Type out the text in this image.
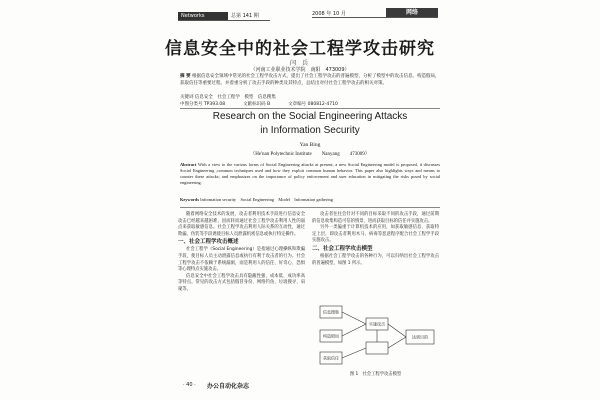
Networks	总第 141 期	2008 年 10 月	网络
信息安全中的社会工程学攻击研究
闫 兵
（河南工业职业技术学院　南阳　473009）
摘 要 根据信息安全领域中常见的社会工程学攻击方式，提出了社会工程学攻击的普遍模型，分析了模型中的攻击信息、构造假局，获取信任等重要过程。并着重分析了攻击手段的种类及其特点，总结出对付社会工程学攻击的相关对策。
关键词 信息安全　社会工程学　模型　信息搜集
中图分类号 TP393.08	文献标识码 B	文章编号 080812-4710
Research on the Social Engineering Attacks
in Information Security
Yan Bing
（He'nan Polytechnic Institute　　Nanyang　　473009）
Abstract With a view to the various forms of Social Engineering attacks at present, a new Social Engineering model is proposed, it discusses Social Engineering ,common techniques used and how they exploit common human behavior. This paper also highlights ways and means to counter these attacks; and emphasizes on the importance of policy enforcement and user education in mitigating the risks posed by social engineering.
Keywords Information security　Social Engineering　Model　Information gathering

随着网络安全技术的发展，攻击者利用技术手段进行信息安全攻击已经越来越困难，因而转而通过社会工程学攻击利用人性的弱点来获取敏感信息。社会工程学攻击利用人际关系的互动性，通过欺骗、伪装等手段诱使目标人员泄露机密信息或执行特定操作。

一、社会工程学攻击概述

社会工程学（Social Engineering）是指通过心理操纵和欺骗手段，使目标人员主动泄露信息或执行有利于攻击者的行为。社会工程学攻击不依赖于系统漏洞，而是利用人的信任、好奇心、恐惧等心理特点实施攻击。

信息安全中社会工程学攻击具有隐蔽性强、成本低、成功率高等特点。常见的攻击方式包括假冒身份、网络钓鱼、垃圾搜寻、肩窥等。

攻击者往往会针对不同的目标采取不同的攻击手段，通过前期的信息收集构造可信的情景，进而获取目标的信任并实施攻击。

另外一类偏重于计算机技术的应用，如获取敏感信息、获取特定上层，即攻击者利用木马、病毒等恶意程序配合社会工程学手段实施攻击。

二、社会工程学攻击模型

根据社会工程学攻击的各种行为，可以归纳出社会工程学攻击的普遍模型，如图 1 所示。

信息搜集
构造假局
获取信任
实施攻击
达到目的
图 1　社会工程学攻击模型
· 40 · 办公自动化杂志
